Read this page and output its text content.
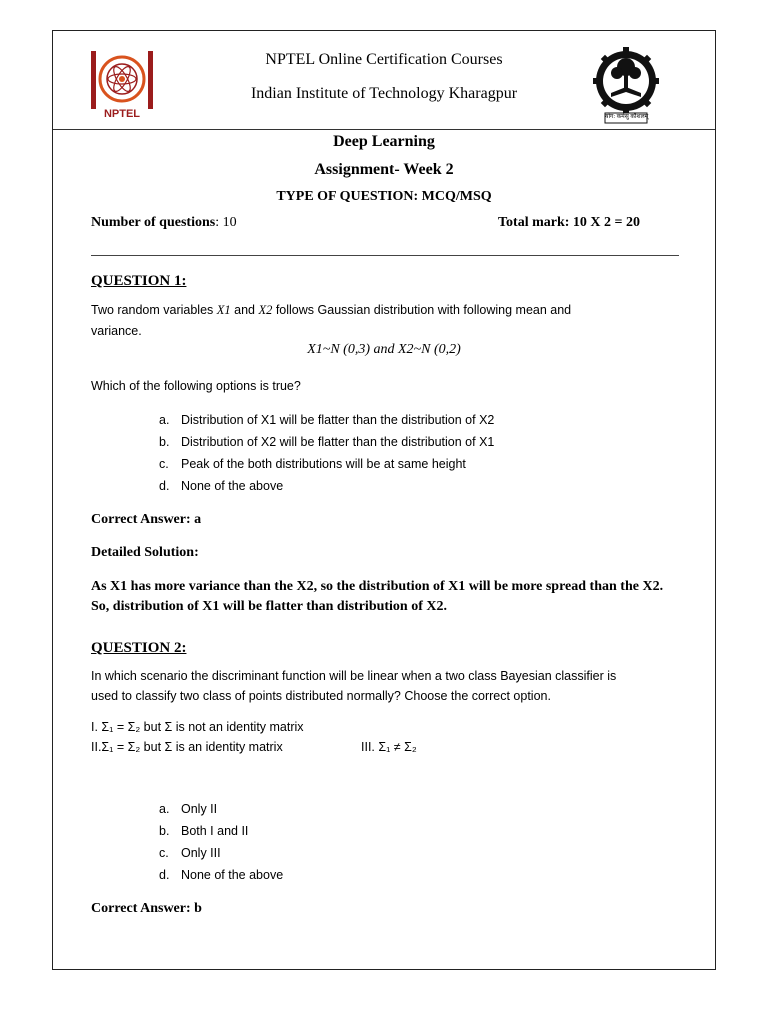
NPTEL
NPTEL Online Certification Courses
Indian Institute of Technology Kharagpur
योग: कर्मसु कौशलम्
Deep Learning
Assignment- Week 2
TYPE OF QUESTION: MCQ/MSQ
Number of questions: 10	Total mark: 10 X 2 = 20
QUESTION 1:
Two random variables X1 and X2 follows Gaussian distribution with following mean and
variance.
X1~N (0,3) and X2~N (0,2)
Which of the following options is true?
a. Distribution of X1 will be flatter than the distribution of X2
b. Distribution of X2 will be flatter than the distribution of X1
c. Peak of the both distributions will be at same height
d. None of the above
Correct Answer: a
Detailed Solution:
As X1 has more variance than the X2, so the distribution of X1 will be more spread than the X2. So, distribution of X1 will be flatter than distribution of X2.
QUESTION 2:
In which scenario the discriminant function will be linear when a two class Bayesian classifier is
used to classify two class of points distributed normally? Choose the correct option.
I. Σ₁ = Σ₂ but Σ is not an identity matrix
II.Σ₁ = Σ₂ but Σ is an identity matrix	III. Σ₁ ≠ Σ₂
a. Only II
b. Both I and II
c. Only III
d. None of the above
Correct Answer: b
